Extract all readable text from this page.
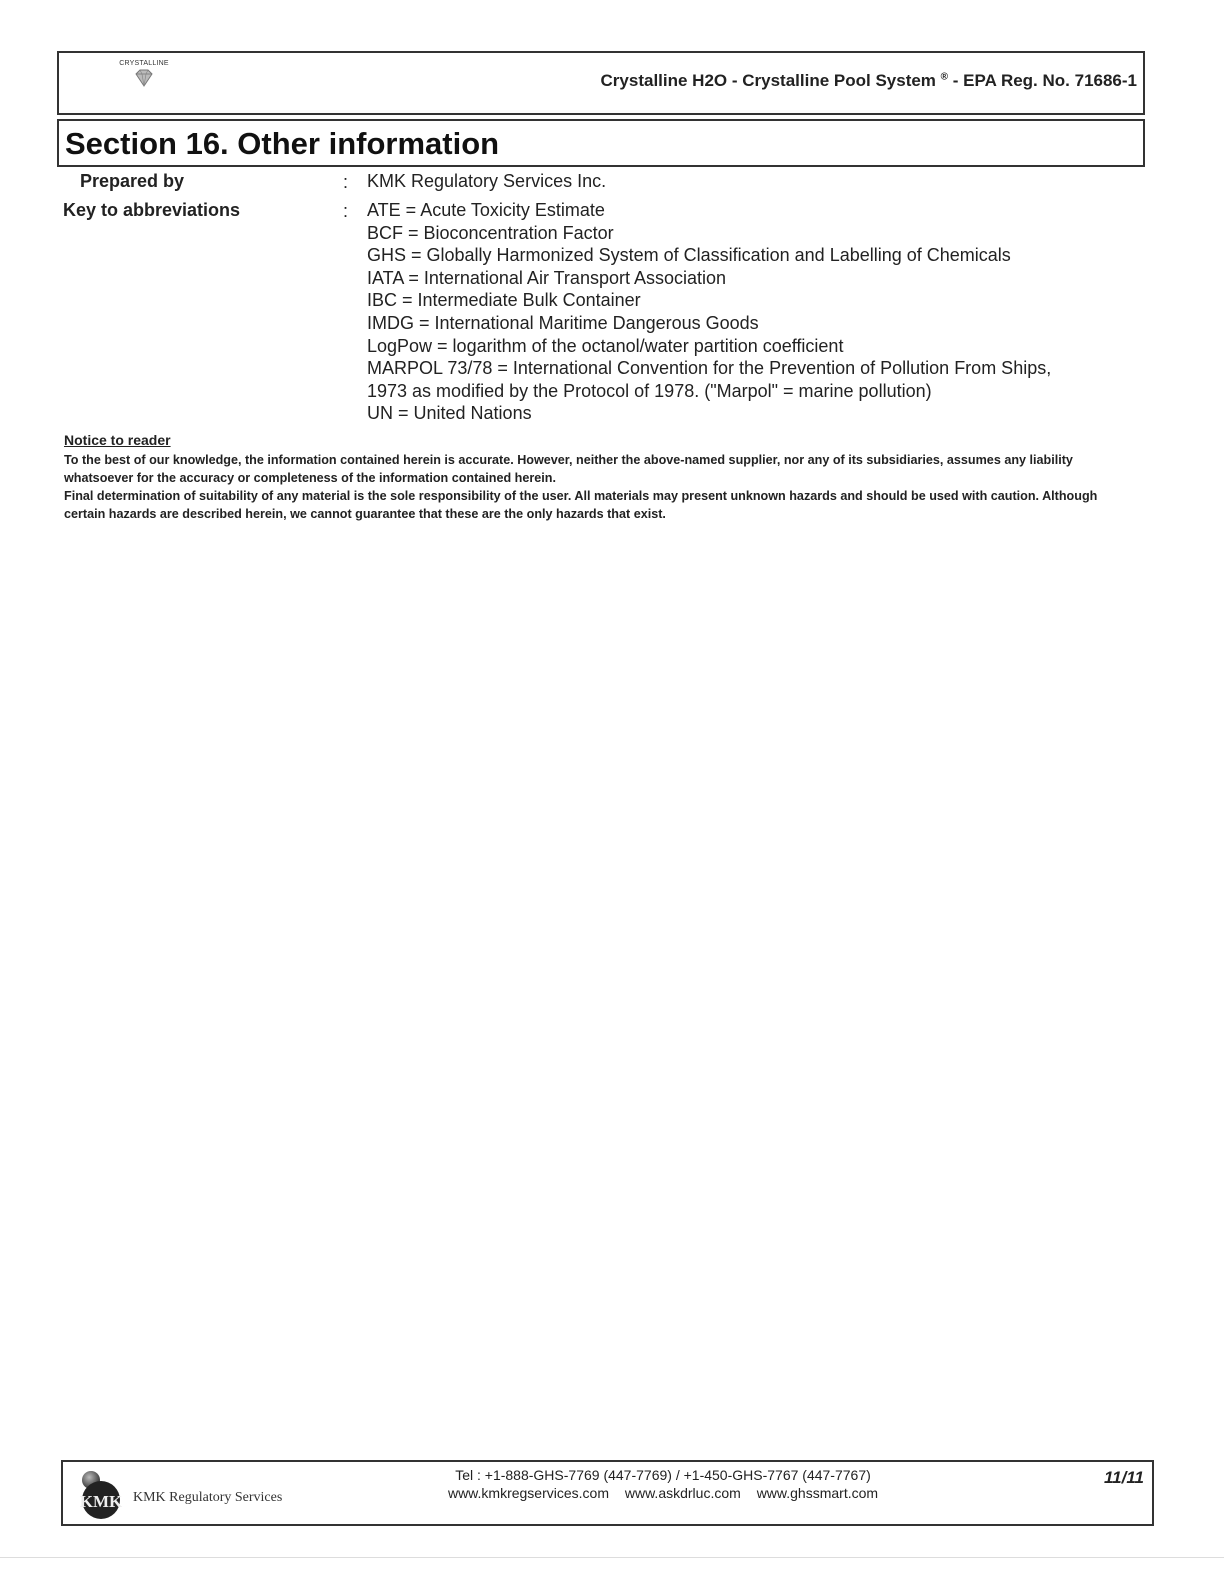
CRYSTALLINE
Crystalline H2O - Crystalline Pool System ® - EPA Reg. No. 71686-1
Section 16. Other information
Prepared by	: KMK Regulatory Services Inc.
Key to abbreviations	: ATE = Acute Toxicity Estimate
BCF = Bioconcentration Factor
GHS = Globally Harmonized System of Classification and Labelling of Chemicals
IATA = International Air Transport Association
IBC = Intermediate Bulk Container
IMDG = International Maritime Dangerous Goods
LogPow = logarithm of the octanol/water partition coefficient
MARPOL 73/78 = International Convention for the Prevention of Pollution From Ships,
1973 as modified by the Protocol of 1978. ("Marpol" = marine pollution)
UN = United Nations
Notice to reader

To the best of our knowledge, the information contained herein is accurate. However, neither the above-named supplier, nor any of its subsidiaries, assumes any liability whatsoever for the accuracy or completeness of the information contained herein.

Final determination of suitability of any material is the sole responsibility of the user. All materials may present unknown hazards and should be used with caution. Although certain hazards are described herein, we cannot guarantee that these are the only hazards that exist.

KMK KMK Regulatory Services
Tel : +1-888-GHS-7769 (447-7769) / +1-450-GHS-7767 (447-7767)
www.kmkregservices.com www.askdrluc.com www.ghssmart.com
11/11
